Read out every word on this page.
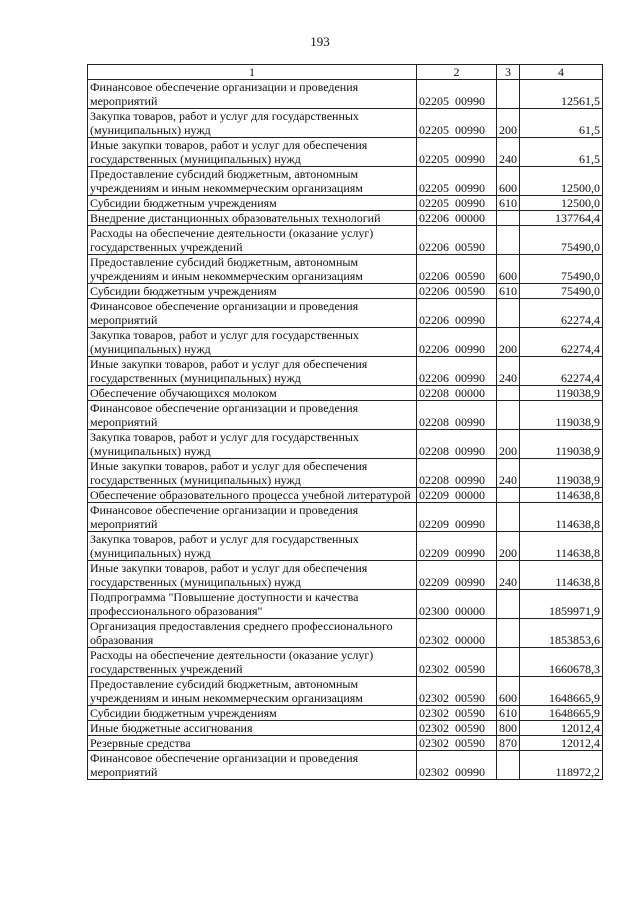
193
1	2	3	4
Финансовое обеспечение организации и проведения мероприятий	02205  00990		12561,5
Закупка товаров, работ и услуг для государственных (муниципальных) нужд	02205  00990	200	61,5
Иные закупки товаров, работ и услуг для обеспечения государственных (муниципальных) нужд	02205  00990	240	61,5
Предоставление субсидий бюджетным, автономным учреждениям и иным некоммерческим организациям	02205  00990	600	12500,0
Субсидии бюджетным учреждениям	02205  00990	610	12500,0
Внедрение дистанционных образовательных технологий	02206  00000		137764,4
Расходы на обеспечение деятельности (оказание услуг) государственных учреждений	02206  00590		75490,0
Предоставление субсидий бюджетным, автономным учреждениям и иным некоммерческим организациям	02206  00590	600	75490,0
Субсидии бюджетным учреждениям	02206  00590	610	75490,0
Финансовое обеспечение организации и проведения мероприятий	02206  00990		62274,4
Закупка товаров, работ и услуг для государственных (муниципальных) нужд	02206  00990	200	62274,4
Иные закупки товаров, работ и услуг для обеспечения государственных (муниципальных) нужд	02206  00990	240	62274,4
Обеспечение обучающихся молоком	02208  00000		119038,9
Финансовое обеспечение организации и проведения мероприятий	02208  00990		119038,9
Закупка товаров, работ и услуг для государственных (муниципальных) нужд	02208  00990	200	119038,9
Иные закупки товаров, работ и услуг для обеспечения государственных (муниципальных) нужд	02208  00990	240	119038,9
Обеспечение образовательного процесса учебной литературой	02209  00000		114638,8
Финансовое обеспечение организации и проведения мероприятий	02209  00990		114638,8
Закупка товаров, работ и услуг для государственных (муниципальных) нужд	02209  00990	200	114638,8
Иные закупки товаров, работ и услуг для обеспечения государственных (муниципальных) нужд	02209  00990	240	114638,8
Подпрограмма "Повышение доступности и качества профессионального образования"	02300  00000		1859971,9
Организация предоставления среднего профессионального образования	02302  00000		1853853,6
Расходы на обеспечение деятельности (оказание услуг) государственных учреждений	02302  00590		1660678,3
Предоставление субсидий бюджетным, автономным учреждениям и иным некоммерческим организациям	02302  00590	600	1648665,9
Субсидии бюджетным учреждениям	02302  00590	610	1648665,9
Иные бюджетные ассигнования	02302  00590	800	12012,4
Резервные средства	02302  00590	870	12012,4
Финансовое обеспечение организации и проведения мероприятий	02302  00990		118972,2
